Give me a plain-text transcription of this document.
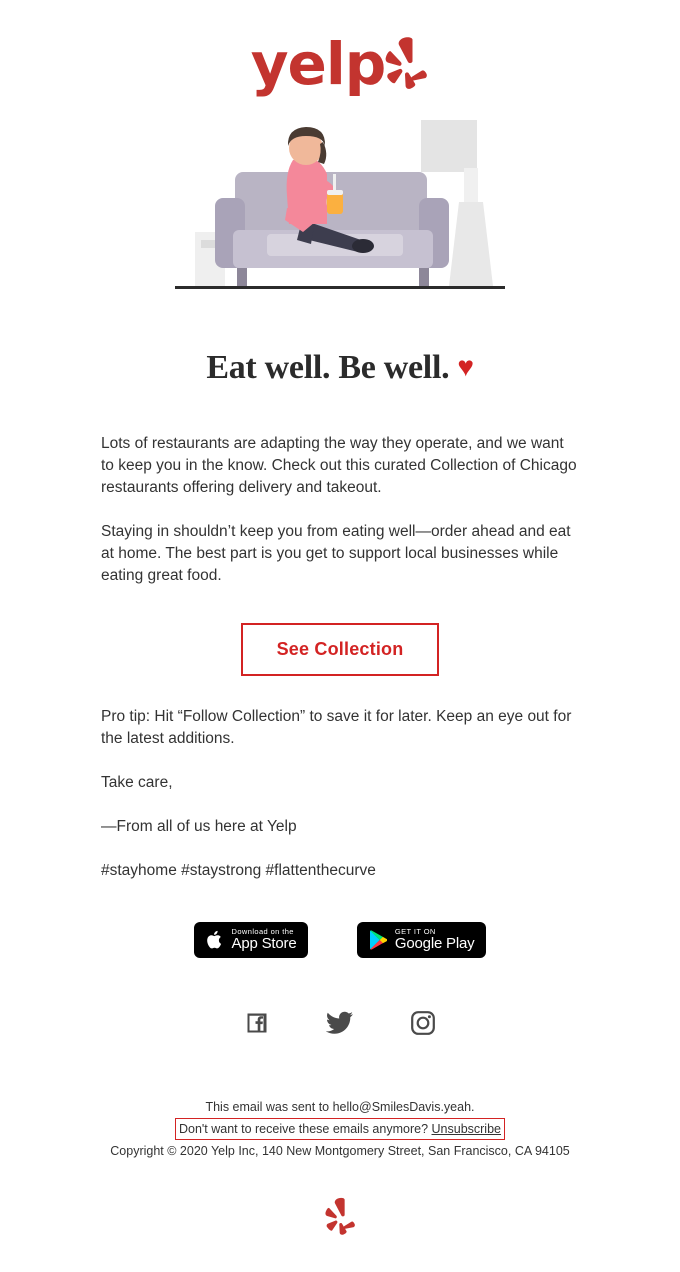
yelp
Eat well. Be well. ♥

Lots of restaurants are adapting the way they operate, and we want to keep you in the know. Check out this curated Collection of Chicago restaurants offering delivery and takeout.

Staying in shouldn’t keep you from eating well—order ahead and eat at home. The best part is you get to support local businesses while eating great food.

See Collection

Pro tip: Hit “Follow Collection” to save it for later. Keep an eye out for the latest additions.

Take care,

—From all of us here at Yelp

#stayhome #staystrong #flattenthecurve

Download on the
App Store

GET IT ON
Google Play

This email was sent to hello@SmilesDavis.yeah.
Don't want to receive these emails anymore? Unsubscribe
Copyright © 2020 Yelp Inc, 140 New Montgomery Street, San Francisco, CA 94105
